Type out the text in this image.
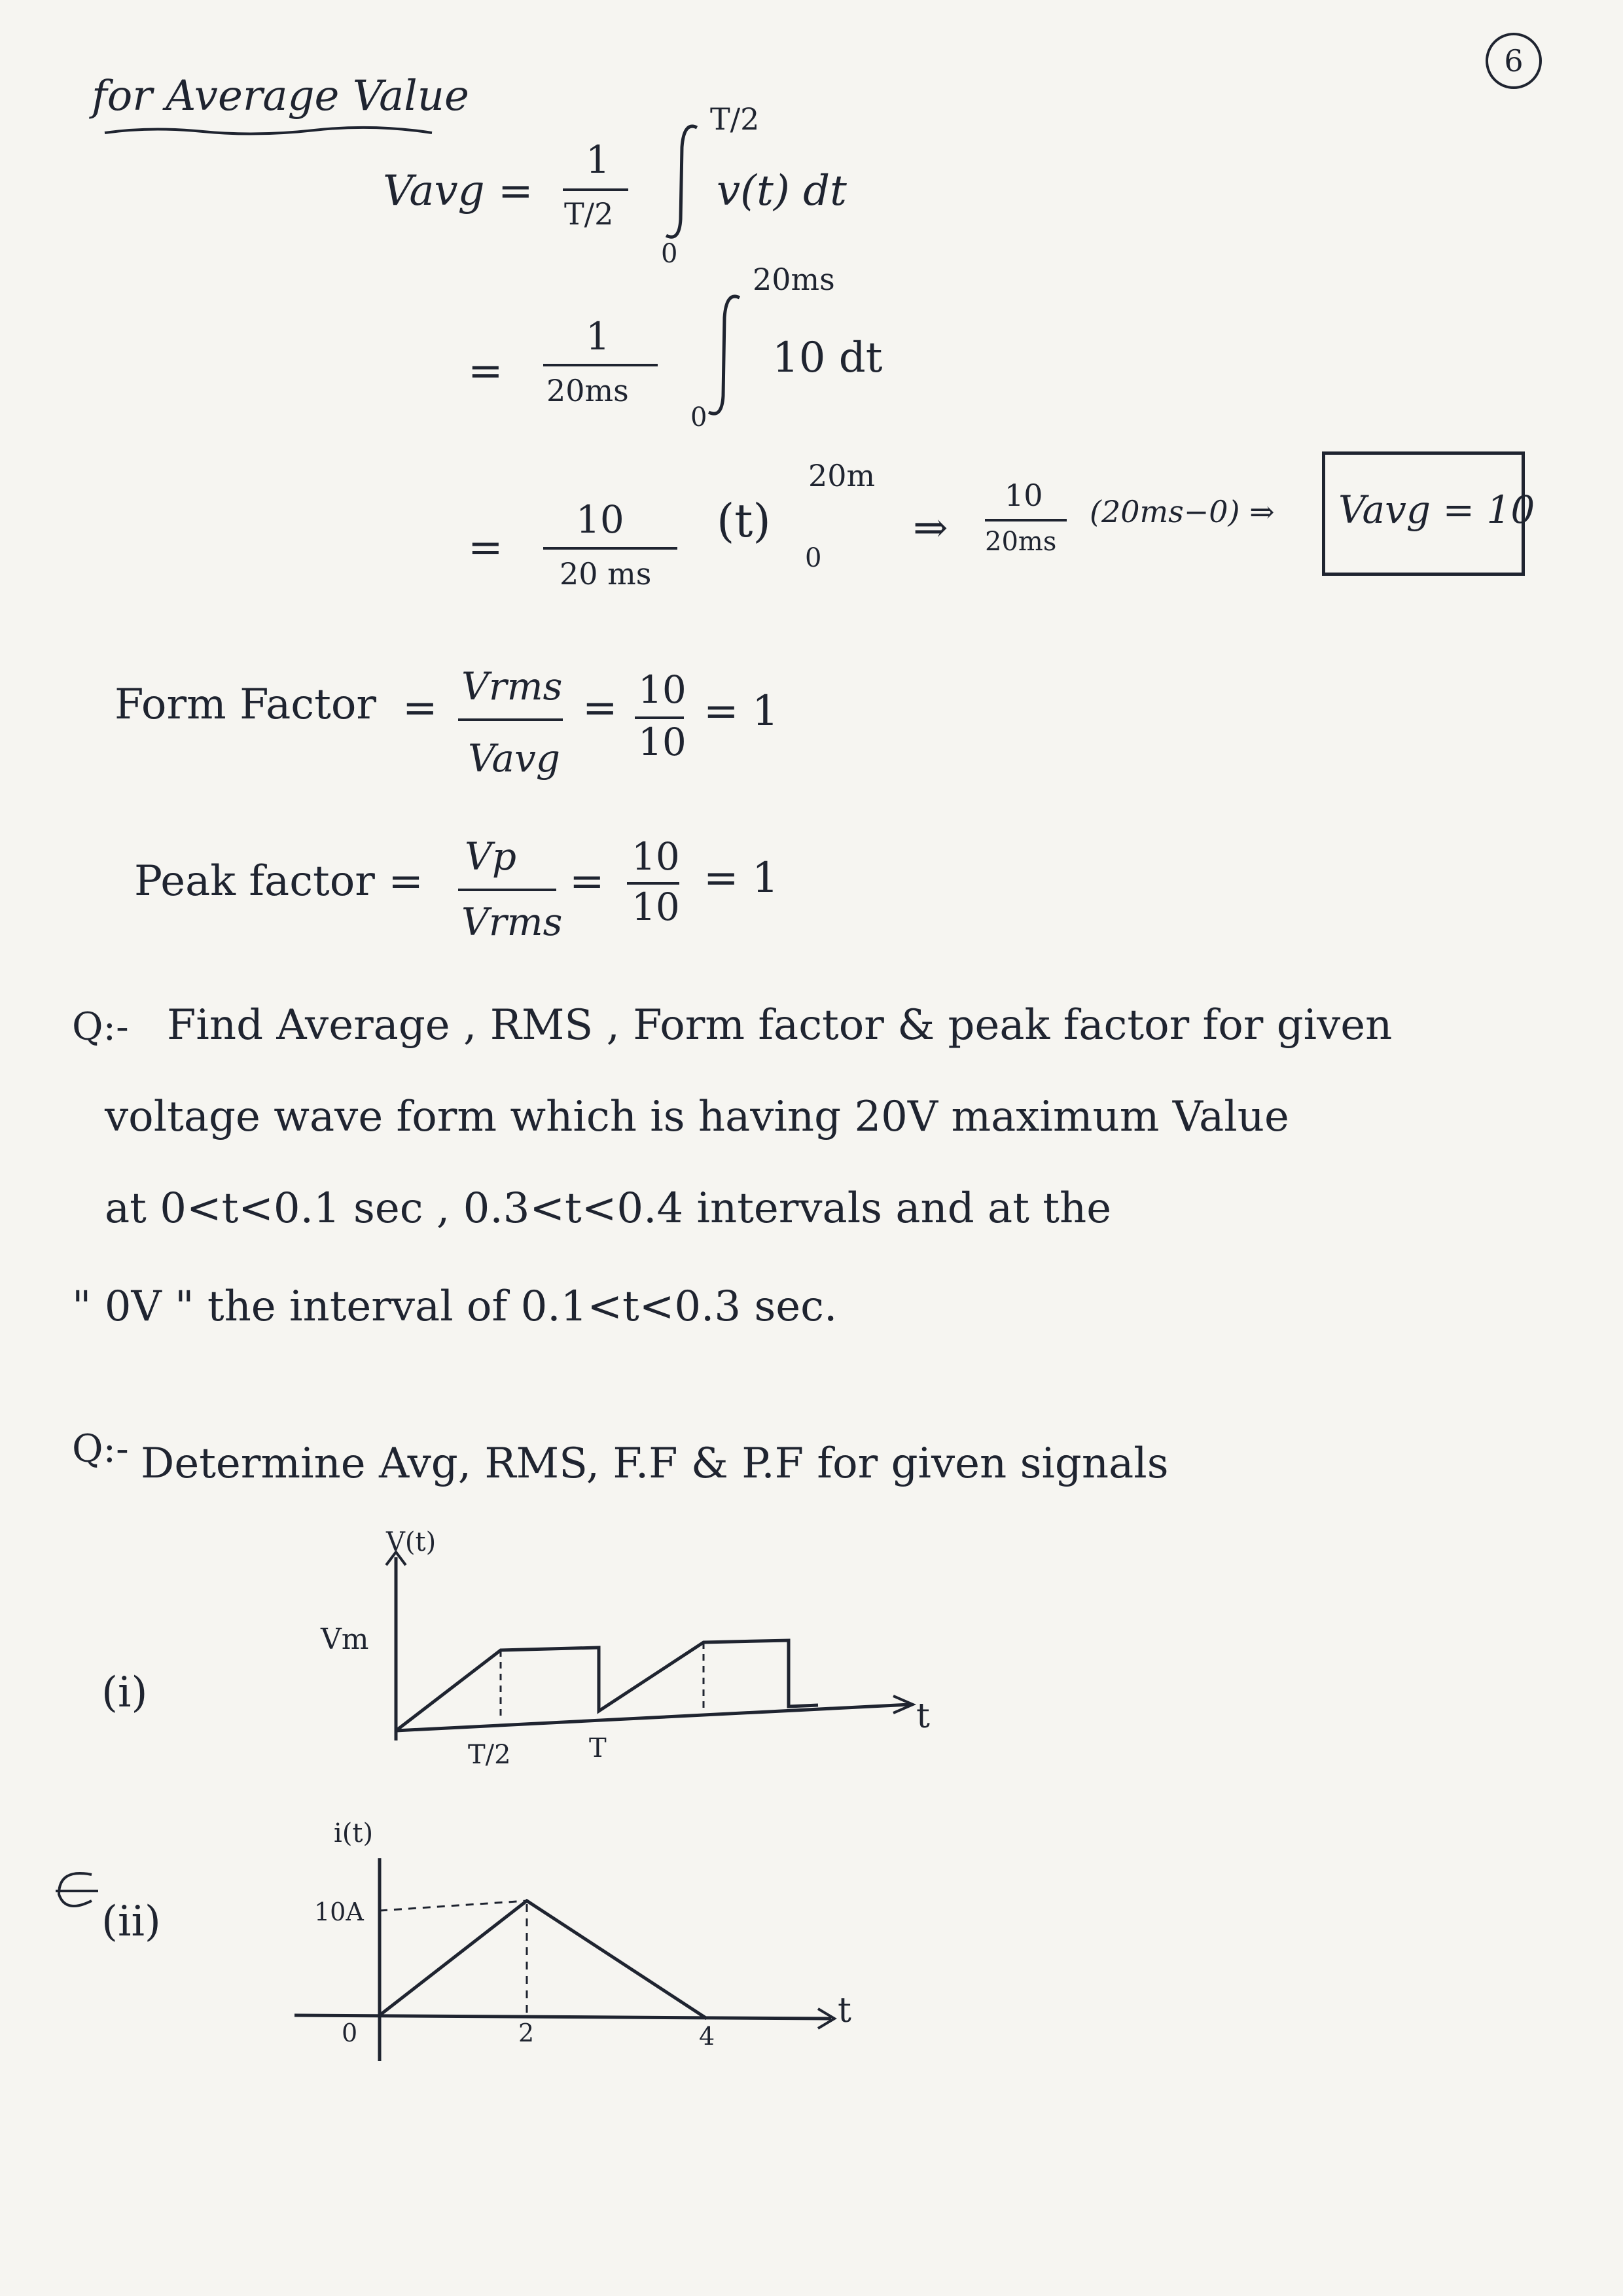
6
for Average Value
Vavg =
1
T/2
T/2
0
v(t) dt
=
1
20ms
20ms
0
10 dt
=
10
20 ms
(t)
20m
0
⇒
10
20ms
(20ms−0) ⇒ Vavg = 10
Form Factor = Vrms
Vavg
= 10
10
= 1
Peak factor =
Vp
Vrms
=
10
10
= 1
Q:- Find Average , RMS , Form factor & peak factor for given
voltage wave form which is having 20V maximum Value
at 0<t<0.1 sec , 0.3<t<0.4 intervals and at the
" 0V " the interval of 0.1<t<0.3 sec.
Q:- Determine Avg, RMS, F.F & P.F for given signals
(i)
V(t)
Vm
t
T/2	T
(ii)
i(t)
10A
t
0	2	4
